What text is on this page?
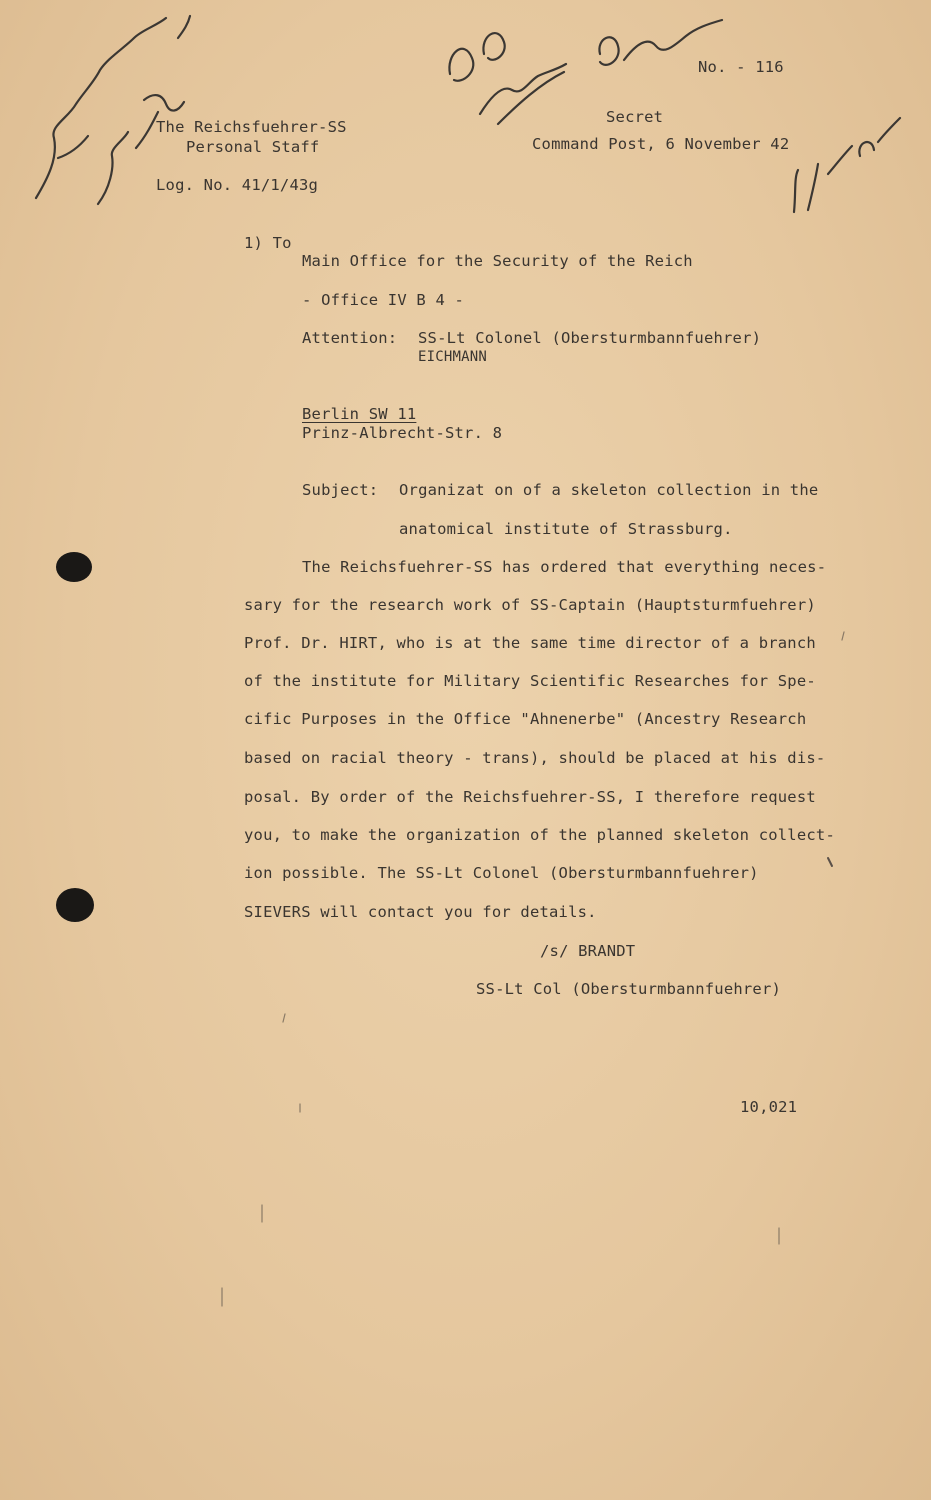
No. - 116
Secret
Command Post, 6 November 42
The Reichsfuehrer-SS
Personal Staff
Log. No. 41/1/43g
1) To
Main Office for the Security of the Reich
- Office IV B 4 -
Attention: SS-Lt Colonel (Obersturmbannfuehrer)
EICHMANN
Berlin SW 11
Prinz-Albrecht-Str. 8
Subject: Organizat on of a skeleton collection in the
anatomical institute of Strassburg.
The Reichsfuehrer-SS has ordered that everything neces-
sary for the research work of SS-Captain (Hauptsturmfuehrer)
Prof. Dr. HIRT, who is at the same time director of a branch
of the institute for Military Scientific Researches for Spe-
cific Purposes in the Office "Ahnenerbe" (Ancestry Research
based on racial theory - trans), should be placed at his dis-
posal. By order of the Reichsfuehrer-SS, I therefore request
you, to make the organization of the planned skeleton collect-
ion possible. The SS-Lt Colonel (Obersturmbannfuehrer)
SIEVERS will contact you for details.
/s/ BRANDT
SS-Lt Col (Obersturmbannfuehrer)
10,021
